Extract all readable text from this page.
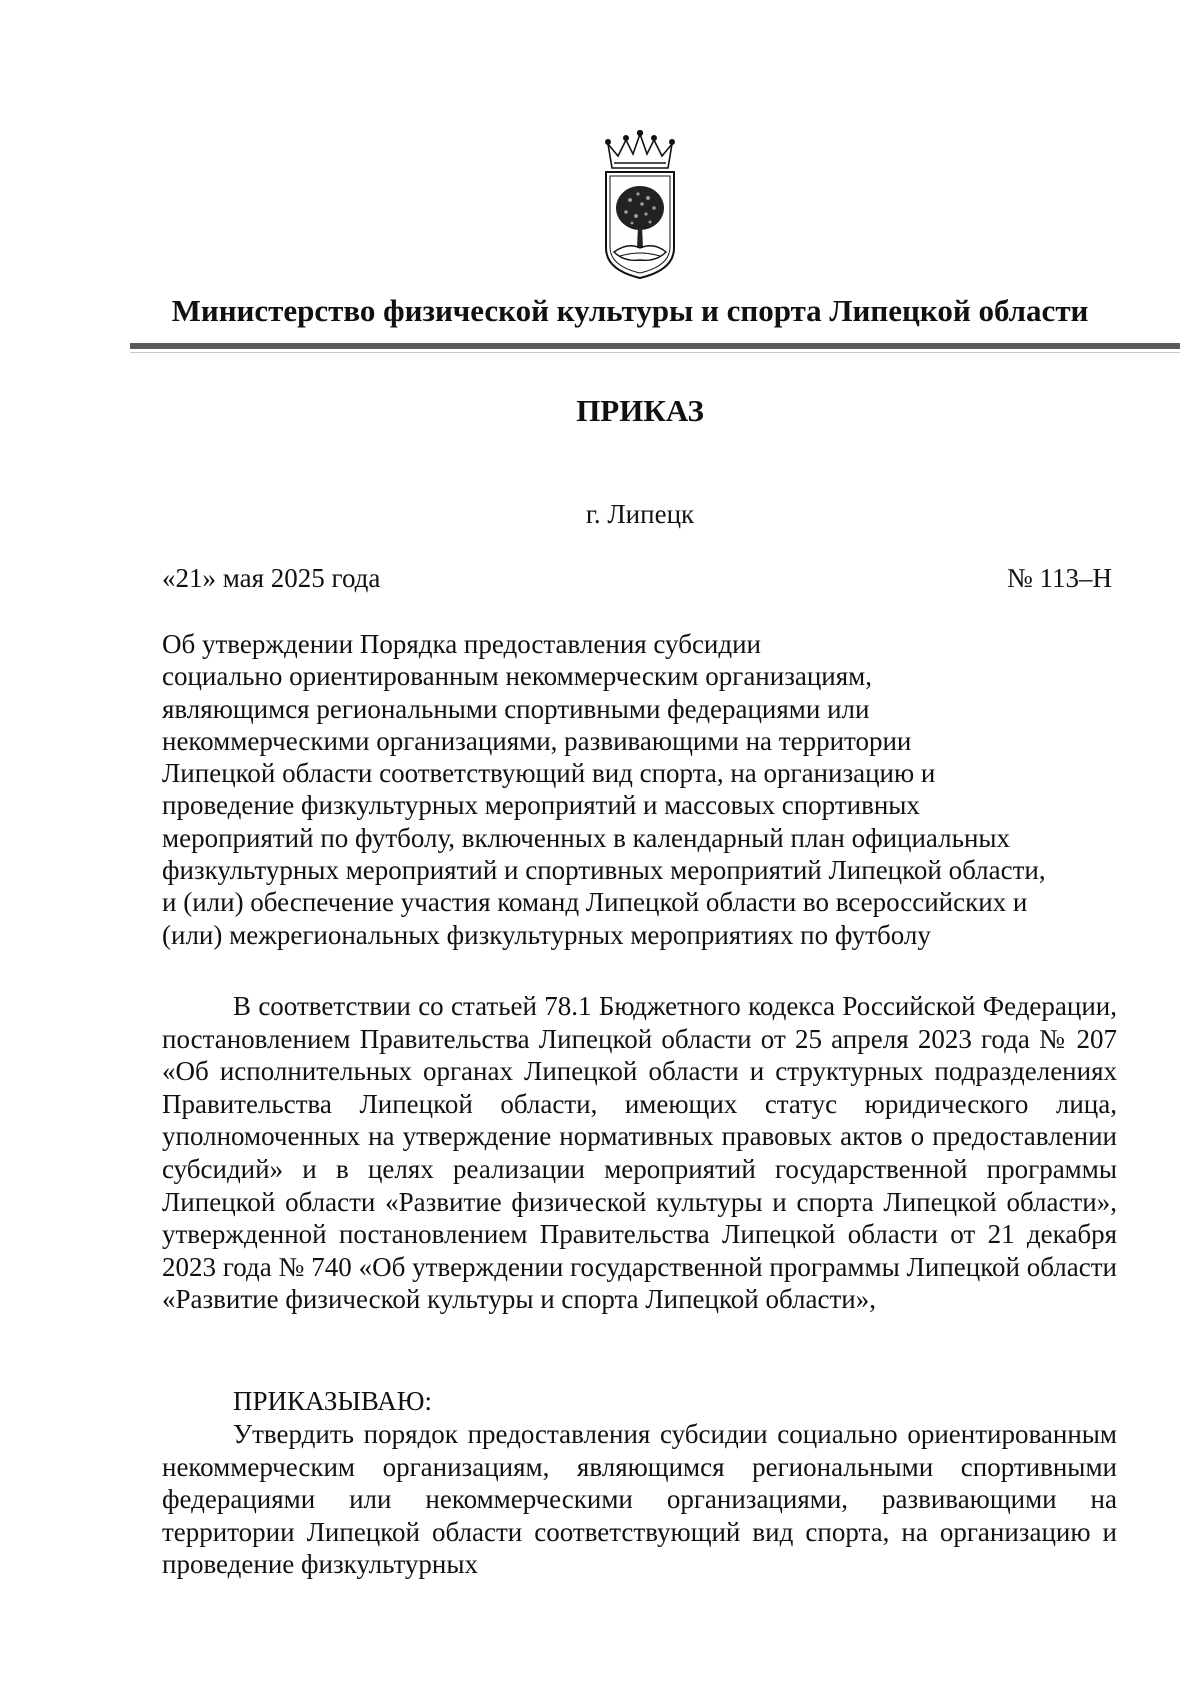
Министерство физической культуры и спорта Липецкой области
ПРИКАЗ
г. Липецк
«21» мая 2025 года	№ 113–Н

Об утверждении Порядка предоставления субсидии
социально ориентированным некоммерческим организациям,
являющимся региональными спортивными федерациями или
некоммерческими организациями, развивающими на территории
Липецкой области соответствующий вид спорта, на организацию и
проведение физкультурных мероприятий и массовых спортивных
мероприятий по футболу, включенных в календарный план официальных
физкультурных мероприятий и спортивных мероприятий Липецкой области,
и (или) обеспечение участия команд Липецкой области во всероссийских и
(или) межрегиональных физкультурных мероприятиях по футболу

В соответствии со статьей 78.1 Бюджетного кодекса Российской Федерации, постановлением Правительства Липецкой области от 25 апреля 2023 года № 207 «Об исполнительных органах Липецкой области и структурных подразделениях Правительства Липецкой области, имеющих статус юридического лица, уполномоченных на утверждение нормативных правовых актов о предоставлении субсидий» и в целях реализации мероприятий государственной программы Липецкой области «Развитие физической культуры и спорта Липецкой области», утвержденной постановлением Правительства Липецкой области от 21 декабря 2023 года № 740 «Об утверждении государственной программы Липецкой области «Развитие физической культуры и спорта Липецкой области»,

ПРИКАЗЫВАЮ:

Утвердить порядок предоставления субсидии социально ориентированным некоммерческим организациям, являющимся региональными спортивными федерациями или некоммерческими организациями, развивающими на территории Липецкой области соответствующий вид спорта, на организацию и проведение физкультурных
